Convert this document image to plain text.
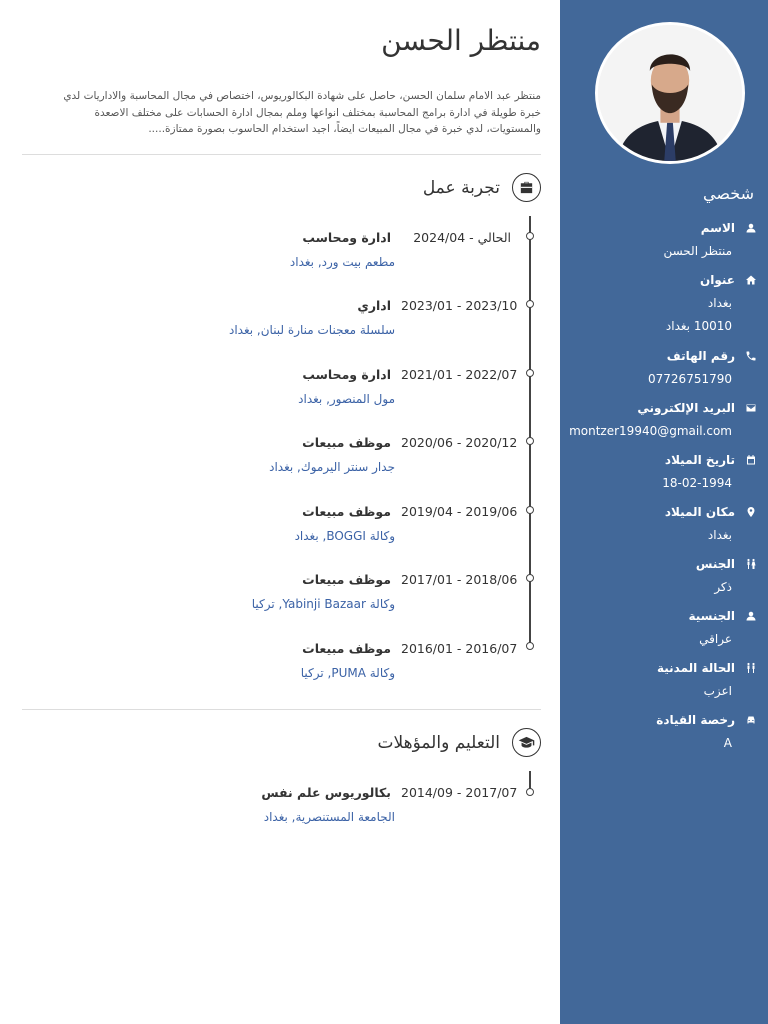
شخصي
الاسم
منتظر الحسن
عنوان
بغداد
10010 بغداد
رقم الهاتف
07726751790
البريد الإلكتروني
montzer19940@gmail.com
تاريخ الميلاد
18-02-1994
مكان الميلاد
بغداد
الجنس
ذكر
الجنسية
عراقي
الحالة المدنية
اعزب
رخصة القيادة
A
منتظر الحسن
منتظر عبد الامام سلمان الحسن، حاصل على شهادة البكالوريوس، اختصاص في مجال المحاسبة والاداريات لدي خبرة طويلة في ادارة برامج المحاسبة بمختلف انواعها وملم بمجال ادارة الحسابات على مختلف الاصعدة والمستويات، لدي خبرة في مجال المبيعات ايضاً، اجيد استخدام الحاسوب بصورة ممتازة.....
تجربة عمل
2024/04 - الحالي
ادارة ومحاسب
مطعم بيت ورد, بغداد
2023/01 - 2023/10
اداري
سلسلة معجنات منارة لبنان, بغداد
2021/01 - 2022/07
ادارة ومحاسب
مول المنصور, بغداد
2020/06 - 2020/12
موظف مبيعات
جدار سنتر اليرموك, بغداد
2019/04 - 2019/06
موظف مبيعات
وكالة BOGGI, بغداد
2017/01 - 2018/06
موظف مبيعات
وكالة Yabinji Bazaar, تركيا
2016/01 - 2016/07
موظف مبيعات
وكالة PUMA, تركيا
التعليم والمؤهلات
2014/09 - 2017/07
بكالوريوس علم نفس
الجامعة المستنصرية, بغداد
